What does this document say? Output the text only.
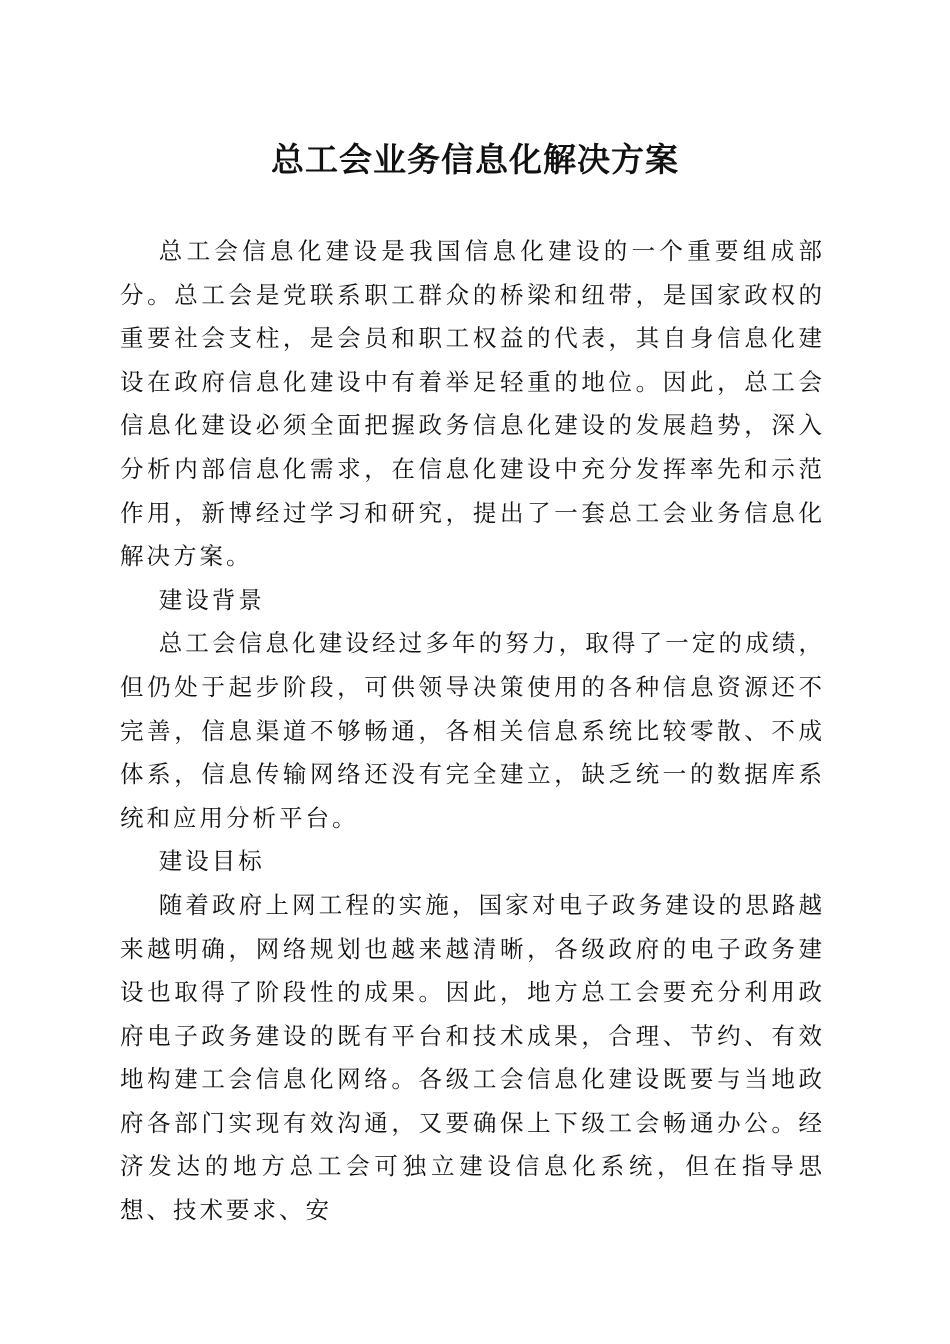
总工会业务信息化解决方案

总工会信息化建设是我国信息化建设的一个重要组成部分。总工会是党联系职工群众的桥梁和纽带，是国家政权的重要社会支柱，是会员和职工权益的代表，其自身信息化建设在政府信息化建设中有着举足轻重的地位。因此，总工会信息化建设必须全面把握政务信息化建设的发展趋势，深入分析内部信息化需求，在信息化建设中充分发挥率先和示范作用，新博经过学习和研究，提出了一套总工会业务信息化解决方案。

建设背景

总工会信息化建设经过多年的努力，取得了一定的成绩，但仍处于起步阶段，可供领导决策使用的各种信息资源还不完善，信息渠道不够畅通，各相关信息系统比较零散、不成体系，信息传输网络还没有完全建立，缺乏统一的数据库系统和应用分析平台。

建设目标

随着政府上网工程的实施，国家对电子政务建设的思路越来越明确，网络规划也越来越清晰，各级政府的电子政务建设也取得了阶段性的成果。因此，地方总工会要充分利用政府电子政务建设的既有平台和技术成果，合理、节约、有效地构建工会信息化网络。各级工会信息化建设既要与当地政府各部门实现有效沟通，又要确保上下级工会畅通办公。经济发达的地方总工会可独立建设信息化系统，但在指导思想、技术要求、安
